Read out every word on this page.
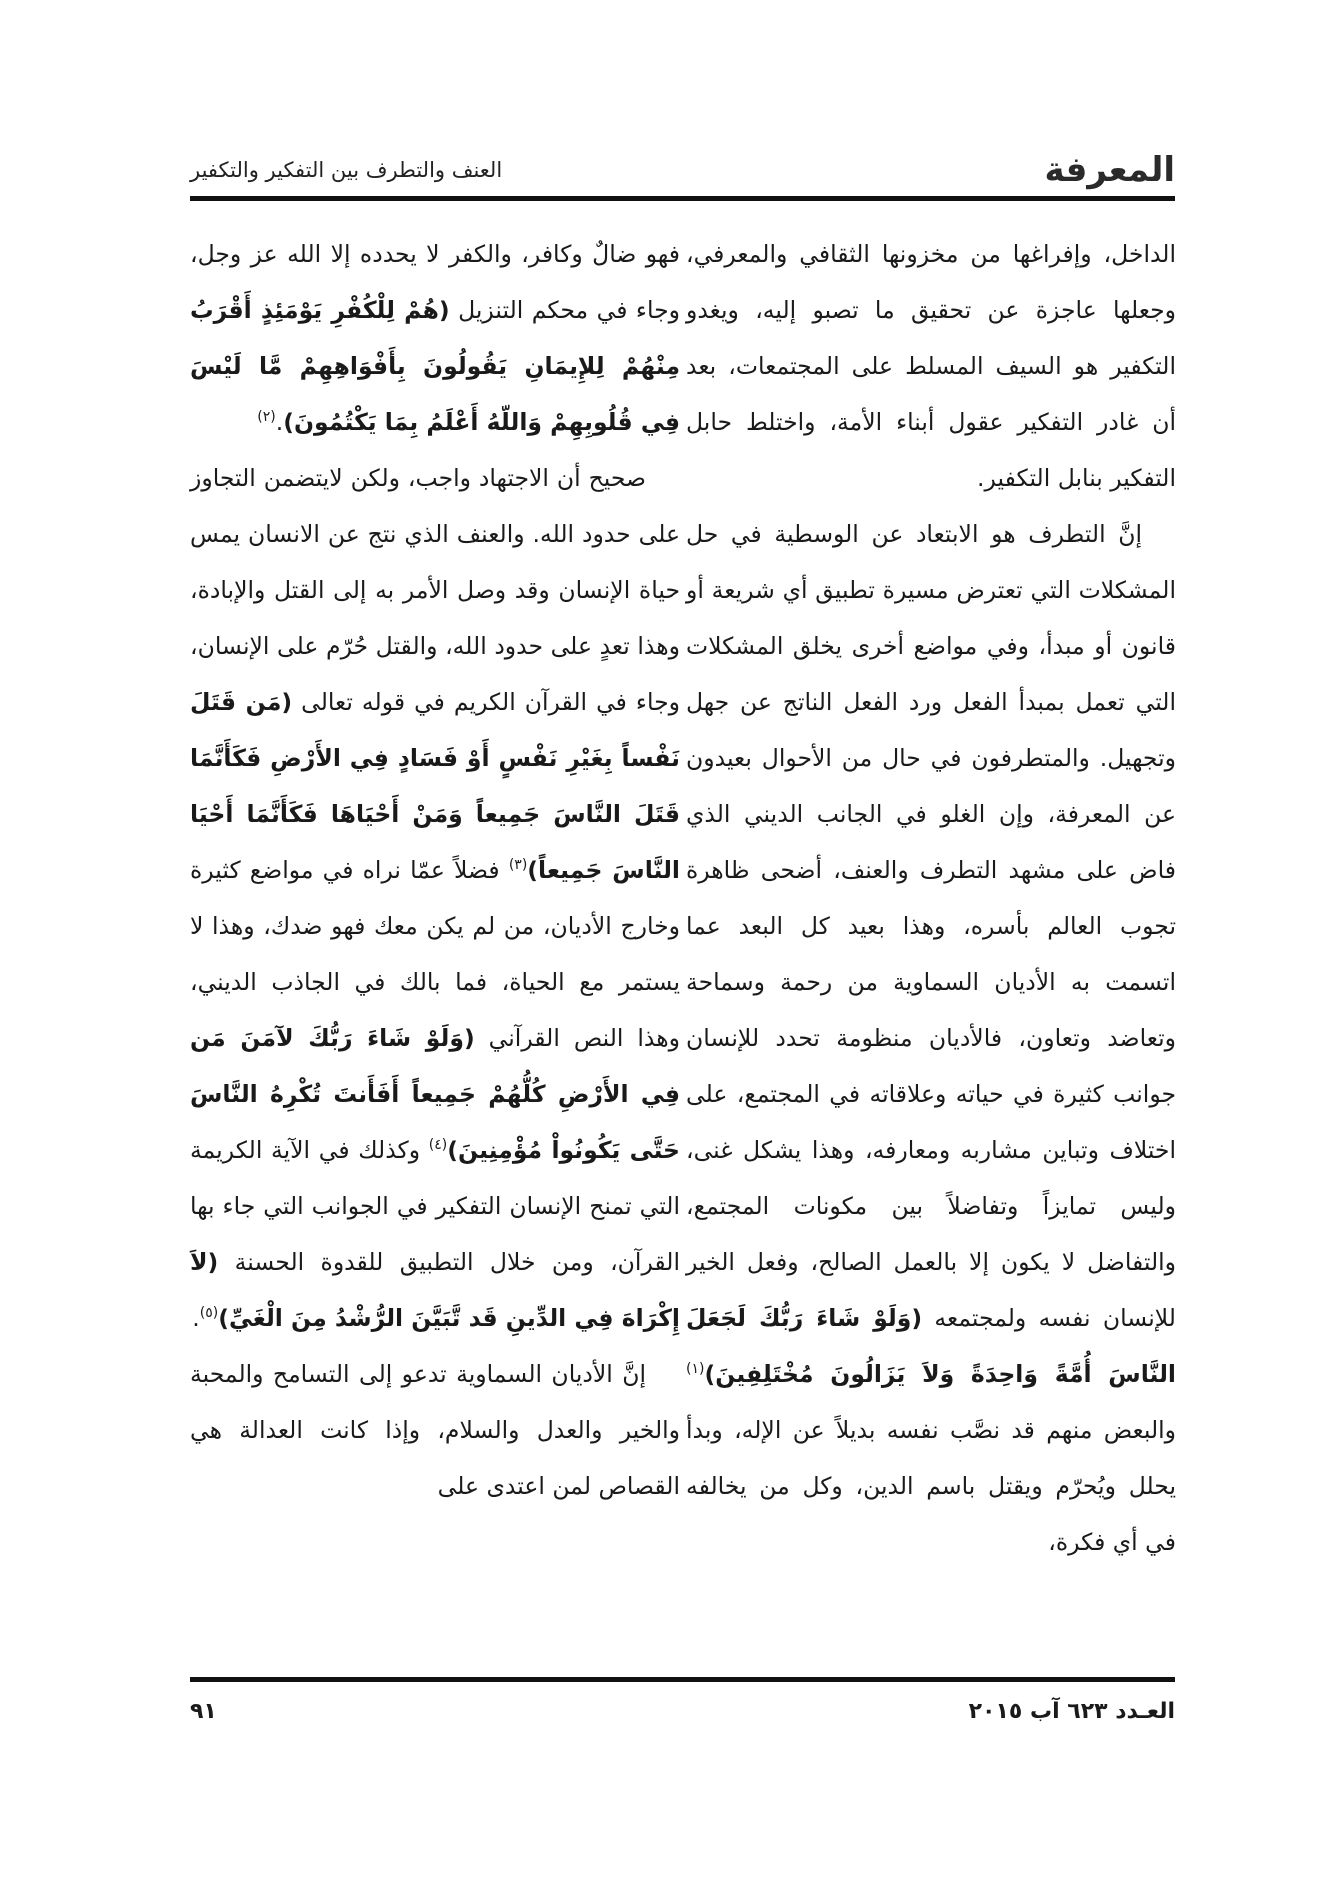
المعرفة
العنف والتطرف بين التفكير والتكفير

الداخل، وإفراغها من مخزونها الثقافي والمعرفي، وجعلها عاجزة عن تحقيق ما تصبو إليه، ويغدو التكفير هو السيف المسلط على المجتمعات، بعد أن غادر التفكير عقول أبناء الأمة، واختلط حابل التفكير بنابل التكفير.

إنَّ التطرف هو الابتعاد عن الوسطية في حل المشكلات التي تعترض مسيرة تطبيق أي شريعة أو قانون أو مبدأ، وفي مواضع أخرى يخلق المشكلات التي تعمل بمبدأ الفعل ورد الفعل الناتج عن جهل وتجهيل. والمتطرفون في حال من الأحوال بعيدون عن المعرفة، وإن الغلو في الجانب الديني الذي فاض على مشهد التطرف والعنف، أضحى ظاهرة تجوب العالم بأسره، وهذا بعيد كل البعد عما اتسمت به الأديان السماوية من رحمة وسماحة وتعاضد وتعاون، فالأديان منظومة تحدد للإنسان جوانب كثيرة في حياته وعلاقاته في المجتمع، على اختلاف وتباين مشاربه ومعارفه، وهذا يشكل غنى، وليس تمايزاً وتفاضلاً بين مكونات المجتمع، والتفاضل لا يكون إلا بالعمل الصالح، وفعل الخير للإنسان نفسه ولمجتمعه (وَلَوْ شَاءَ رَبُّكَ لَجَعَلَ النَّاسَ أُمَّةً وَاحِدَةً وَلاَ يَزَالُونَ مُخْتَلِفِينَ)$^{(١)}$ والبعض منهم قد نصَّب نفسه بديلاً عن الإله، وبدأ يحلل ويُحرّم ويقتل باسم الدين، وكل من يخالفه في أي فكرة،

فهو ضالٌ وكافر، والكفر لا يحدده إلا الله عز وجل، وجاء في محكم التنزيل (هُمْ لِلْكُفْرِ يَوْمَئِذٍ أَقْرَبُ مِنْهُمْ لِلإِيمَانِ يَقُولُونَ بِأَفْوَاهِهِمْ مَّا لَيْسَ فِي قُلُوبِهِمْ وَاللّهُ أَعْلَمُ بِمَا يَكْتُمُونَ).$^{(٢)}$

صحيح أن الاجتهاد واجب، ولكن لايتضمن التجاوز على حدود الله. والعنف الذي نتج عن الانسان يمس حياة الإنسان وقد وصل الأمر به إلى القتل والإبادة، وهذا تعدٍ على حدود الله، والقتل حُرّم على الإنسان، وجاء في القرآن الكريم في قوله تعالى (مَن قَتَلَ نَفْساً بِغَيْرِ نَفْسٍ أَوْ فَسَادٍ فِي الأَرْضِ فَكَأَنَّمَا قَتَلَ النَّاسَ جَمِيعاً وَمَنْ أَحْيَاهَا فَكَأَنَّمَا أَحْيَا النَّاسَ جَمِيعاً)$^{(٣)}$ فضلاً عمّا نراه في مواضع كثيرة وخارج الأديان، من لم يكن معك فهو ضدك، وهذا لا يستمر مع الحياة، فما بالك في الجاذب الديني، وهذا النص القرآني (وَلَوْ شَاءَ رَبُّكَ لآمَنَ مَن فِي الأَرْضِ كُلُّهُمْ جَمِيعاً أَفَأَنتَ تُكْرِهُ النَّاسَ حَتَّى يَكُونُواْ مُؤْمِنِينَ)$^{(٤)}$ وكذلك في الآية الكريمة التي تمنح الإنسان التفكير في الجوانب التي جاء بها القرآن، ومن خلال التطبيق للقدوة الحسنة (لاَ إِكْرَاهَ فِي الدِّينِ قَد تَّبَيَّنَ الرُّشْدُ مِنَ الْغَيِّ)$^{(٥)}$.

إنَّ الأديان السماوية تدعو إلى التسامح والمحبة والخير والعدل والسلام، وإذا كانت العدالة هي القصاص لمن اعتدى على

العـدد ٦٢٣ آب ٢٠١٥
٩١
